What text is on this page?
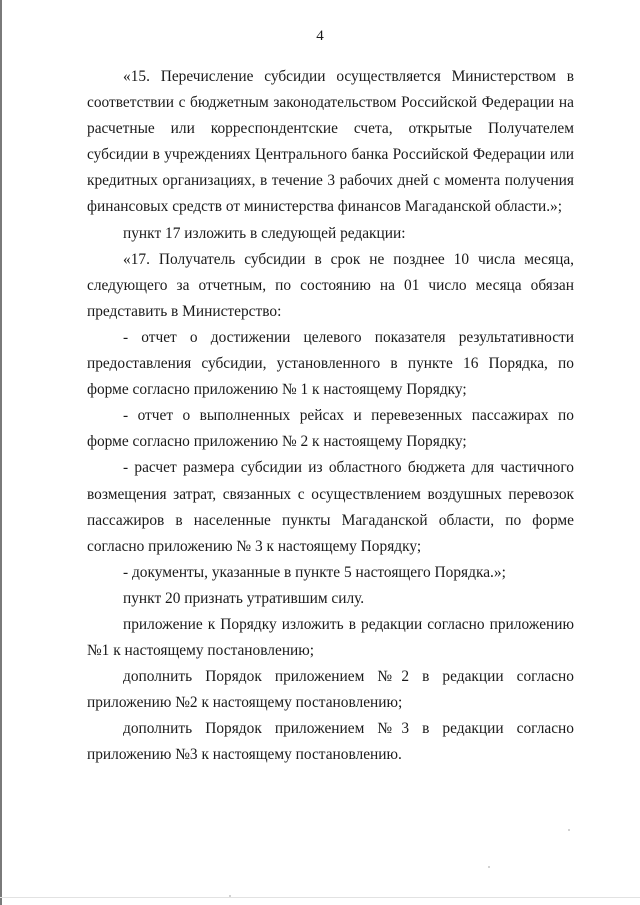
4

«15. Перечисление субсидии осуществляется Министерством в соответствии с бюджетным законодательством Российской Федерации на расчетные или корреспондентские счета, открытые Получателем субсидии в учреждениях Центрального банка Российской Федерации или кредитных организациях, в течение 3 рабочих дней с момента получения финансовых средств от министерства финансов Магаданской области.»;

пункт 17 изложить в следующей редакции:

«17. Получатель субсидии в срок не позднее 10 числа месяца, следующего за отчетным, по состоянию на 01 число месяца обязан представить в Министерство:

- отчет о достижении целевого показателя результативности предоставления субсидии, установленного в пункте 16 Порядка, по форме согласно приложению № 1 к настоящему Порядку;

- отчет о выполненных рейсах и перевезенных пассажирах по форме согласно приложению № 2 к настоящему Порядку;

- расчет размера субсидии из областного бюджета для частичного возмещения затрат, связанных с осуществлением воздушных перевозок пассажиров в населенные пункты Магаданской области, по форме согласно приложению № 3 к настоящему Порядку;

- документы, указанные в пункте 5 настоящего Порядка.»;

пункт 20 признать утратившим силу.

приложение к Порядку изложить в редакции согласно приложению №1 к настоящему постановлению;

дополнить Порядок приложением №2 в редакции согласно приложению №2 к настоящему постановлению;

дополнить Порядок приложением №3 в редакции согласно приложению №3 к настоящему постановлению.
